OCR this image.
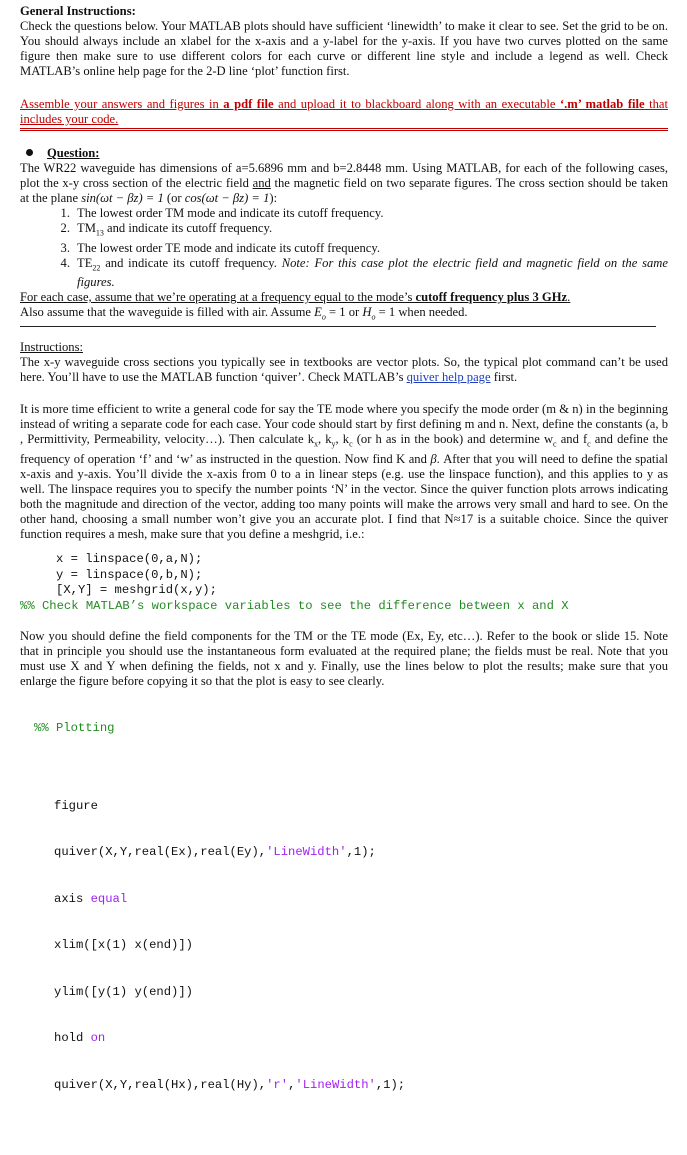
General Instructions:

Check the questions below. Your MATLAB plots should have sufficient ‘linewidth’ to make it clear to see. Set the grid to be on. You should always include an xlabel for the x-axis and a y-label for the y-axis. If you have two curves plotted on the same figure then make sure to use different colors for each curve or different line style and include a legend as well. Check MATLAB’s online help page for the 2-D line ‘plot’ function first.

Assemble your answers and figures in a pdf file and upload it to blackboard along with an executable ‘.m’ matlab file that includes your code.

Question:

The WR22 waveguide has dimensions of a=5.6896 mm and b=2.8448 mm. Using MATLAB, for each of the following cases, plot the x-y cross section of the electric field and the magnetic field on two separate figures. The cross section should be taken at the plane sin(ωt − βz) = 1 (or cos(ωt − βz) = 1):

1. The lowest order TM mode and indicate its cutoff frequency.
2. $TM_{13}$ and indicate its cutoff frequency.
3. The lowest order TE mode and indicate its cutoff frequency.
4. $TE_{22}$ and indicate its cutoff frequency. Note: For this case plot the electric field and magnetic field on the same figures.

For each case, assume that we’re operating at a frequency equal to the mode’s cutoff frequency plus 3 GHz.

Also assume that the waveguide is filled with air. Assume $E_o = 1$ or $H_o = 1$ when needed.

Instructions:

The x-y waveguide cross sections you typically see in textbooks are vector plots. So, the typical plot command can’t be used here. You’ll have to use the MATLAB function ‘quiver’. Check MATLAB’s quiver help page first.

It is more time efficient to write a general code for say the TE mode where you specify the mode order (m & n) in the beginning instead of writing a separate code for each case. Your code should start by first defining m and n. Next, define the constants (a, b , Permittivity, Permeability, velocity…). Then calculate $k_x$, $k_y$, $k_c$ (or h as in the book) and determine $w_c$ and $f_c$ and define the frequency of operation ‘f’ and ‘w’ as instructed in the question. Now find K and β. After that you will need to define the spatial x-axis and y-axis. You’ll divide the x-axis from 0 to a in linear steps (e.g. use the linspace function), and this applies to y as well. The linspace requires you to specify the number points ‘N’ in the vector. Since the quiver function plots arrows indicating both the magnitude and direction of the vector, adding too many points will make the arrows very small and hard to see. On the other hand, choosing a small number won’t give you an accurate plot. I find that N≈17 is a suitable choice. Since the quiver function requires a mesh, make sure that you define a meshgrid, i.e.:

x = linspace(0,a,N);
y = linspace(0,b,N);
[X,Y] = meshgrid(x,y);
%% Check MATLAB’s workspace variables to see the difference between x and X

Now you should define the field components for the TM or the TE mode (Ex, Ey, etc…). Refer to the book or slide 15. Note that in principle you should use the instantaneous form evaluated at the required plane; the fields must be real. Note that you must use X and Y when defining the fields, not x and y. Finally, use the lines below to plot the results; make sure that you enlarge the figure before copying it so that the plot is easy to see clearly.

%% Plotting

figure

quiver(X,Y,real(Ex),real(Ey),'LineWidth',1);

axis equal

xlim([x(1) x(end)])

ylim([y(1) y(end)])

hold on

quiver(X,Y,real(Hx),real(Hy),'r','LineWidth',1);
